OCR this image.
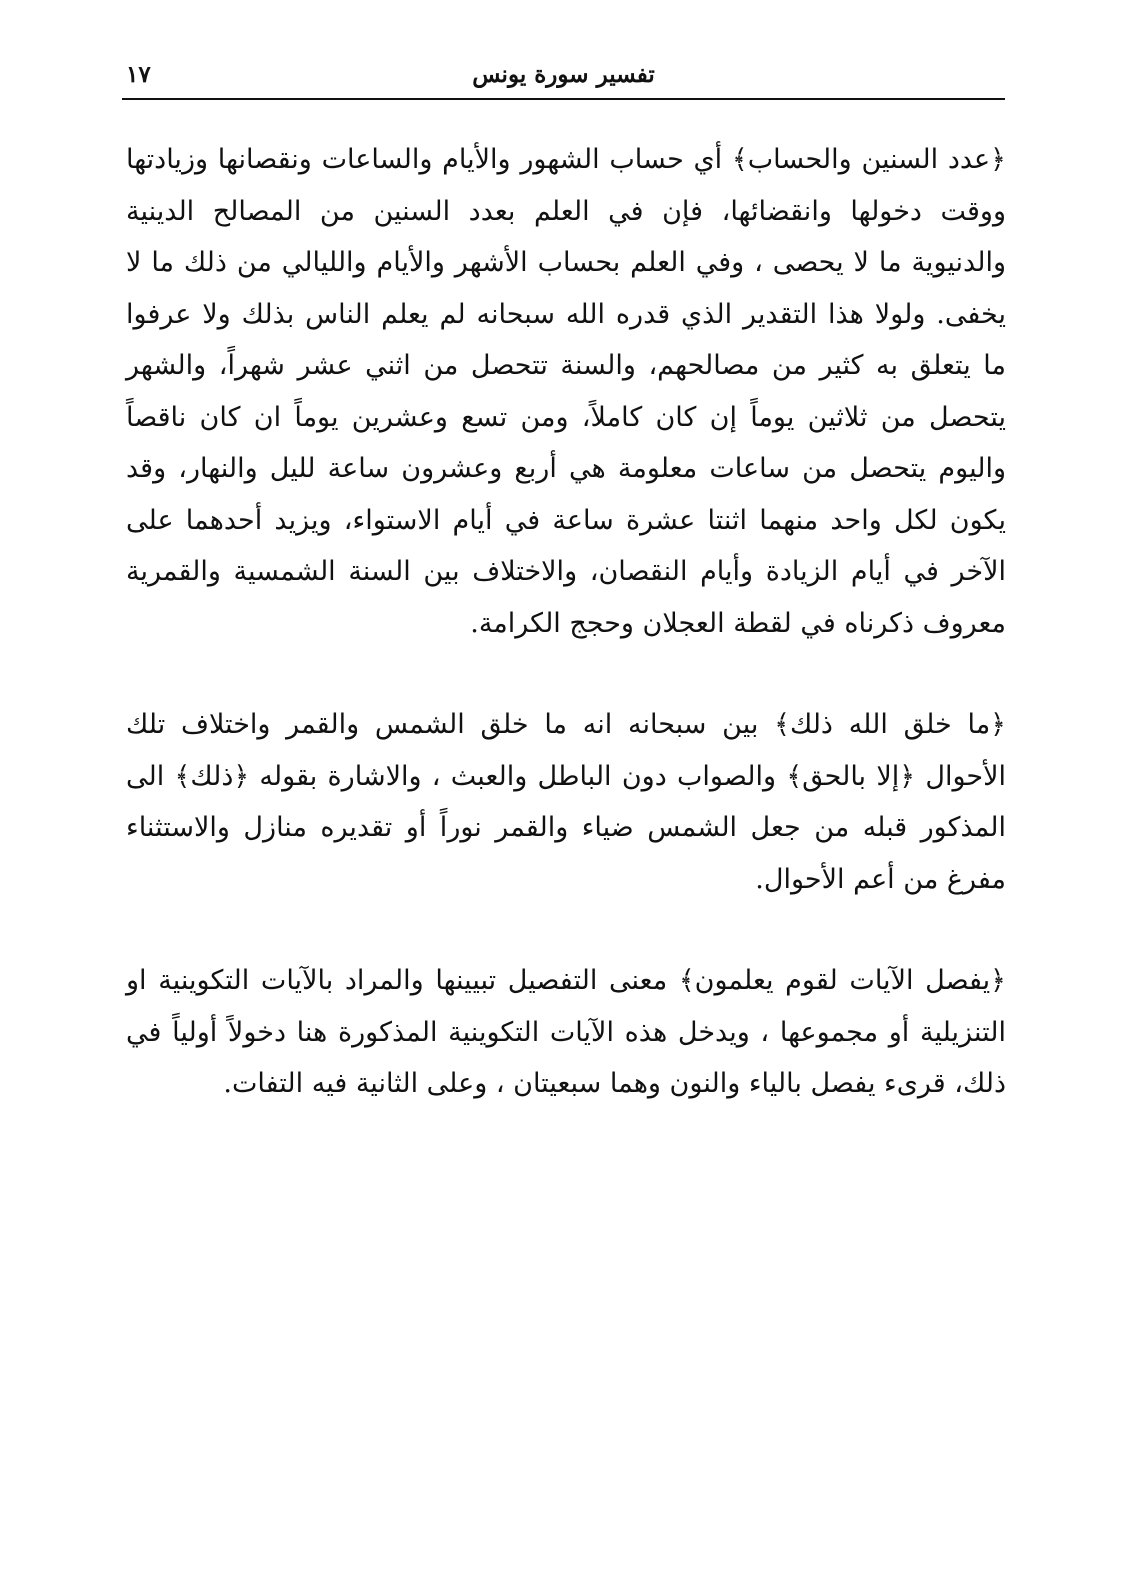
تفسير سورة يونس
١٧

﴿عدد السنين والحساب﴾ أي حساب الشهور والأيام والساعات ونقصانها وزيادتها ووقت دخولها وانقضائها، فإن في العلم بعدد السنين من المصالح الدينية والدنيوية ما لا يحصى ، وفي العلم بحساب الأشهر والأيام والليالي من ذلك ما لا يخفى. ولولا هذا التقدير الذي قدره الله سبحانه لم يعلم الناس بذلك ولا عرفوا ما يتعلق به كثير من مصالحهم، والسنة تتحصل من اثني عشر شهراً، والشهر يتحصل من ثلاثين يوماً إن كان كاملاً، ومن تسع وعشرين يوماً ان كان ناقصاً واليوم يتحصل من ساعات معلومة هي أربع وعشرون ساعة لليل والنهار، وقد يكون لكل واحد منهما اثنتا عشرة ساعة في أيام الاستواء، ويزيد أحدهما على الآخر في أيام الزيادة وأيام النقصان، والاختلاف بين السنة الشمسية والقمرية معروف ذكرناه في لقطة العجلان وحجج الكرامة.

﴿ما خلق الله ذلك﴾ بين سبحانه انه ما خلق الشمس والقمر واختلاف تلك الأحوال ﴿إلا بالحق﴾ والصواب دون الباطل والعبث ، والاشارة بقوله ﴿ذلك﴾ الى المذكور قبله من جعل الشمس ضياء والقمر نوراً أو تقديره منازل والاستثناء مفرغ من أعم الأحوال.

﴿يفصل الآيات لقوم يعلمون﴾ معنى التفصيل تبيينها والمراد بالآيات التكوينية او التنزيلية أو مجموعها ، ويدخل هذه الآيات التكوينية المذكورة هنا دخولاً أولياً في ذلك، قرىء يفصل بالياء والنون وهما سبعيتان ، وعلى الثانية فيه التفات.
